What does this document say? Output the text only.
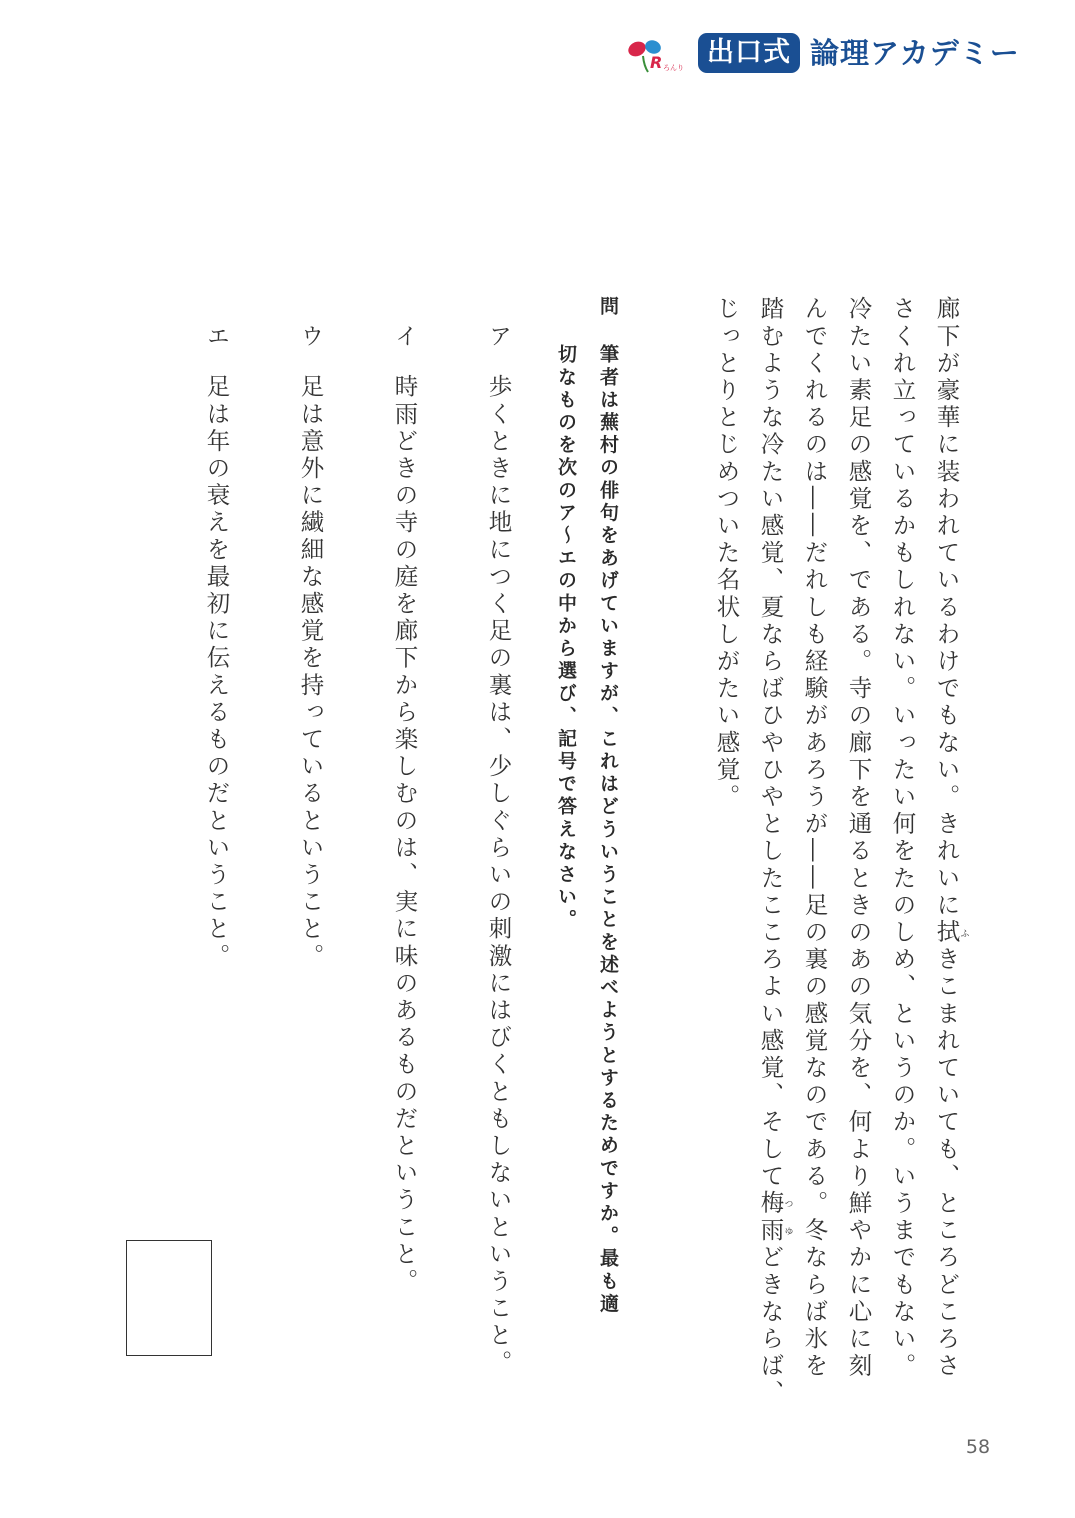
R ろんり 出口式 論理アカデミー
廊下が豪華に装われているわけでもない。きれいに拭ふきこまれていても、ところどころさ
さくれ立っているかもしれない。いったい何をたのしめ、というのか。いうまでもない。
冷たい素足の感覚を、である。寺の廊下を通るときのあの気分を、何より鮮やかに心に刻
んでくれるのは――だれしも経験があろうが――足の裏の感覚なのである。冬ならば氷を
踏むような冷たい感覚、夏ならばひやひやとしたこころよい感覚、そして梅雨つゆどきならば、
じっとりとじめついた名状しがたい感覚。
問
筆者は蕪村の俳句をあげていますが、これはどういうことを述べようとするためですか。最も適
切なものを次のア〜エの中から選び、記号で答えなさい。
ア
歩くときに地につく足の裏は、少しぐらいの刺激にはびくともしないということ。
イ
時雨どきの寺の庭を廊下から楽しむのは、実に味のあるものだということ。
ウ
足は意外に繊細な感覚を持っているということ。
エ
足は年の衰えを最初に伝えるものだということ。
58
